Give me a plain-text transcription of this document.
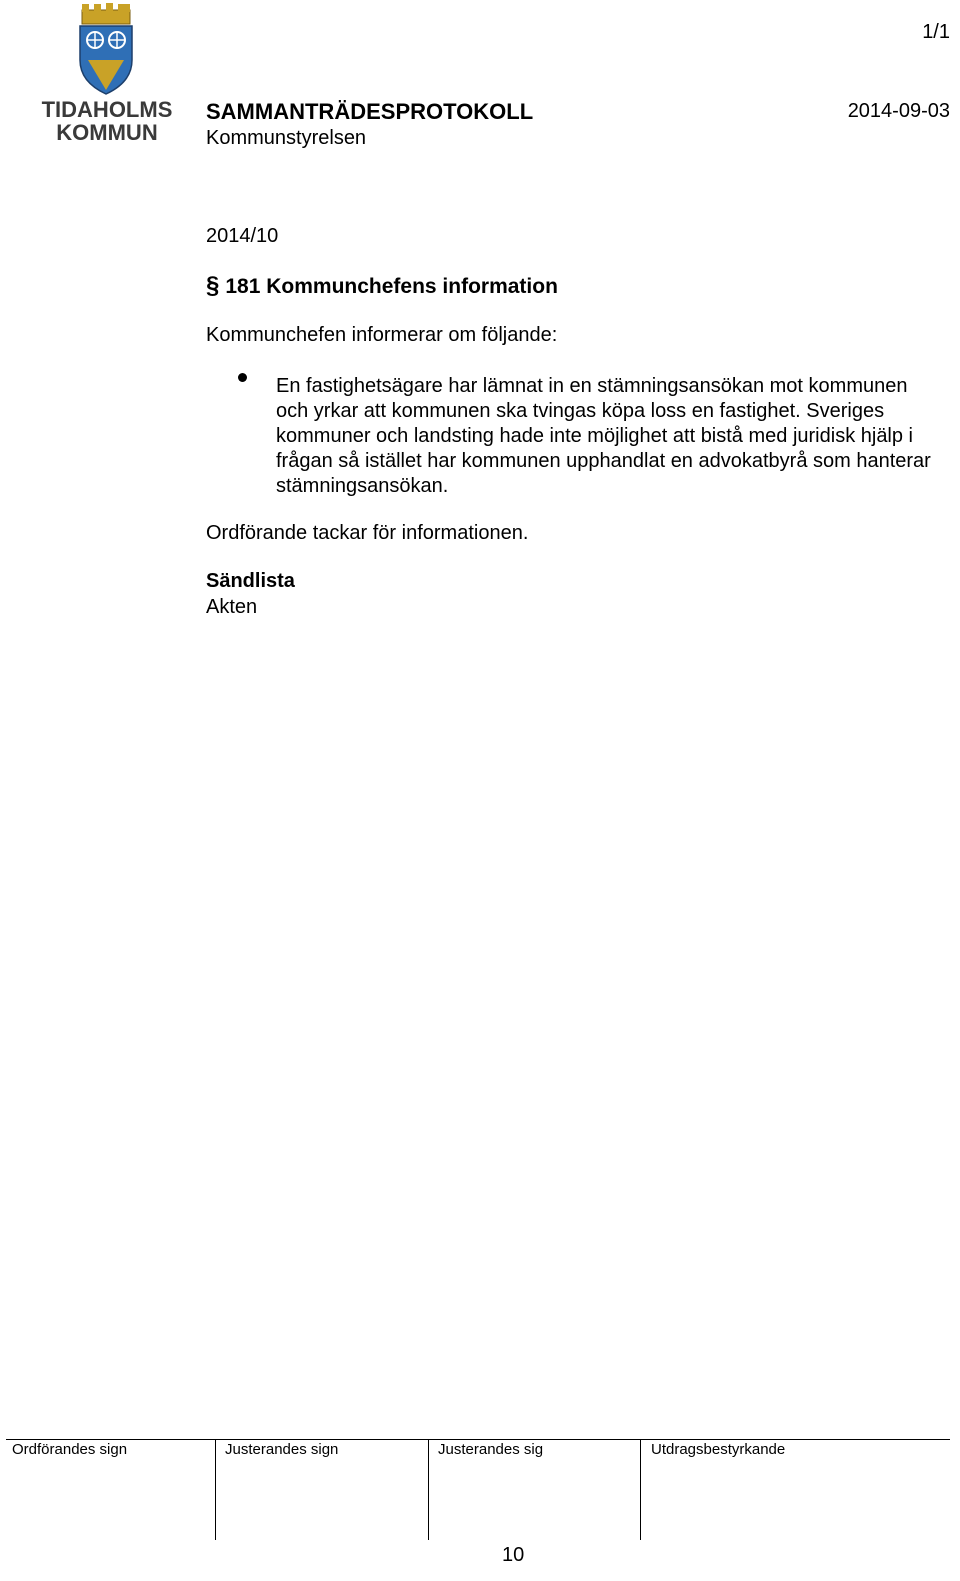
TIDAHOLMS
KOMMUN
1/1
SAMMANTRÄDESPROTOKOLL	2014-09-03
Kommunstyrelsen
2014/10
§ 181 Kommunchefens information
Kommunchefen informerar om följande:
En fastighetsägare har lämnat in en stämningsansökan mot kommunen och yrkar att kommunen ska tvingas köpa loss en fastighet. Sveriges kommuner och landsting hade inte möjlighet att bistå med juridisk hjälp i frågan så istället har kommunen upphandlat en advokatbyrå som hanterar stämningsansökan.
Ordförande tackar för informationen.
Sändlista
Akten
Ordförandes sign	Justerandes sign	Justerandes sig	Utdragsbestyrkande
10
